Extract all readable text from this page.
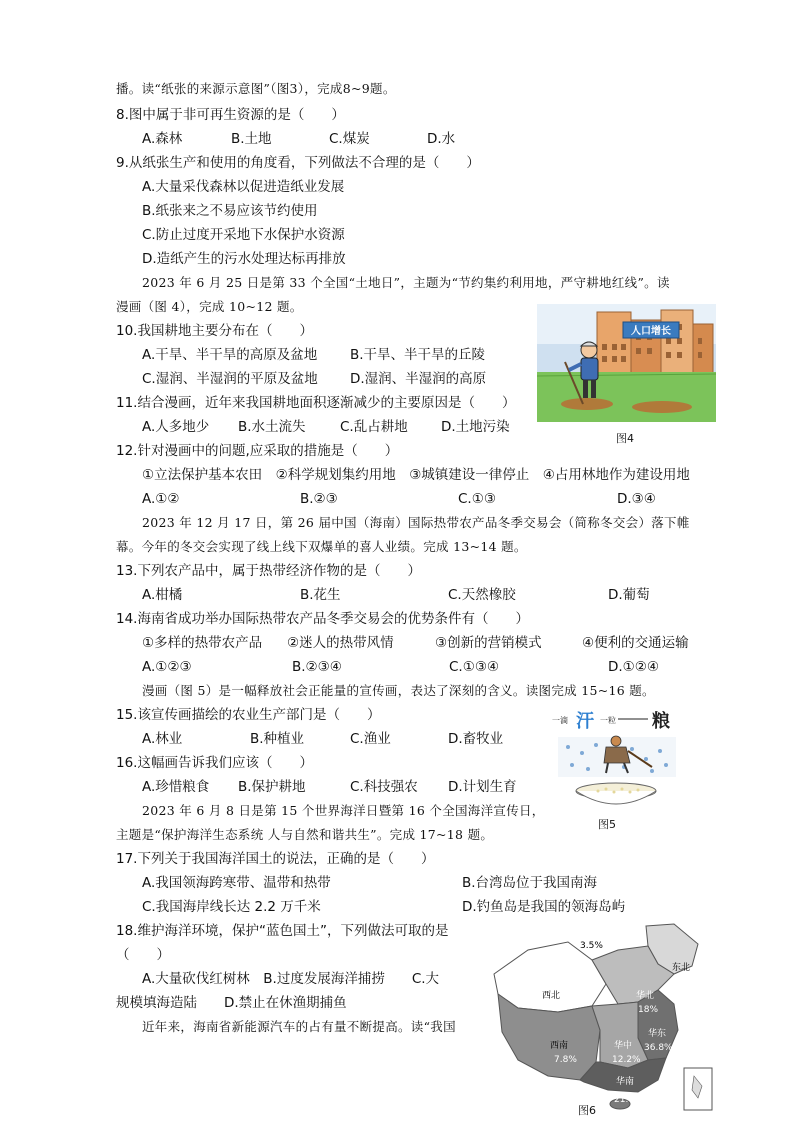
播。读“纸张的来源示意图”（图3），完成8~9题。
8.图中属于非可再生资源的是（　　）
A.森林	B.土地	C.煤炭	D.水
9.从纸张生产和使用的角度看，下列做法不合理的是（　　）
A.大量采伐森林以促进造纸业发展
B.纸张来之不易应该节约使用
C.防止过度开采地下水保护水资源
D.造纸产生的污水处理达标再排放
2023 年 6 月 25 日是第 33 个全国“土地日”，主题为“节约集约利用地，严守耕地红线”。读
漫画（图 4），完成 10~12 题。
10.我国耕地主要分布在（　　）
A.干旱、半干旱的高原及盆地 B.干旱、半干旱的丘陵
C.湿润、半湿润的平原及盆地 D.湿润、半湿润的高原
11.结合漫画，近年来我国耕地面积逐渐减少的主要原因是（　　）
A.人多地少 B.水土流失	C.乱占耕地 D.土地污染
人口增长
图4
12.针对漫画中的问题,应采取的措施是（　　）
①立法保护基本农田　②科学规划集约用地　③城镇建设一律停止　④占用林地作为建设用地
A.①②	B.②③	C.①③	D.③④
2023 年 12 月 17 日，第 26 届中国（海南）国际热带农产品冬季交易会（简称冬交会）落下帷
幕。今年的冬交会实现了线上线下双爆单的喜人业绩。完成 13~14 题。
13.下列农产品中，属于热带经济作物的是（　　）
A.柑橘	B.花生	C.天然橡胶	D.葡萄
14.海南省成功举办国际热带农产品冬季交易会的优势条件有（　　）
①多样的热带农产品 ②迷人的热带风情	③创新的营销模式	④便利的交通运输
A.①②③	B.②③④	C.①③④	D.①②④
漫画（图 5）是一幅释放社会正能量的宣传画，表达了深刻的含义。读图完成 15~16 题。
15.该宣传画描绘的农业生产部门是（　　）
A.林业	B.种植业	C.渔业	D.畜牧业
16.这幅画告诉我们应该（　　）
A.珍惜粮食 B.保护耕地	C.科技强农 D.计划生育
一滴 汗 一粒 粮
图5
2023 年 6 月 8 日是第 15 个世界海洋日暨第 16 个全国海洋宣传日，
主题是“保护海洋生态系统 人与自然和谐共生”。完成 17~18 题。
17.下列关于我国海洋国土的说法，正确的是（　　）
A.我国领海跨寒带、温带和热带	B.台湾岛位于我国南海
C.我国海岸线长达 2.2 万千米	D.钓鱼岛是我国的领海岛屿
18.维护海洋环境，保护“蓝色国土”，下列做法可取的是
（　　）
A.大量砍伐红树林　B.过度发展海洋捕捞　　C.大
规模填海造陆　　D.禁止在休渔期捕鱼
近年来，海南省新能源汽车的占有量不断提高。读“我国
3.5%
东北
西北	华北
18%
华东
36.8%
西南
7.8%
华中
12.2%
华南
21.6%
图6
